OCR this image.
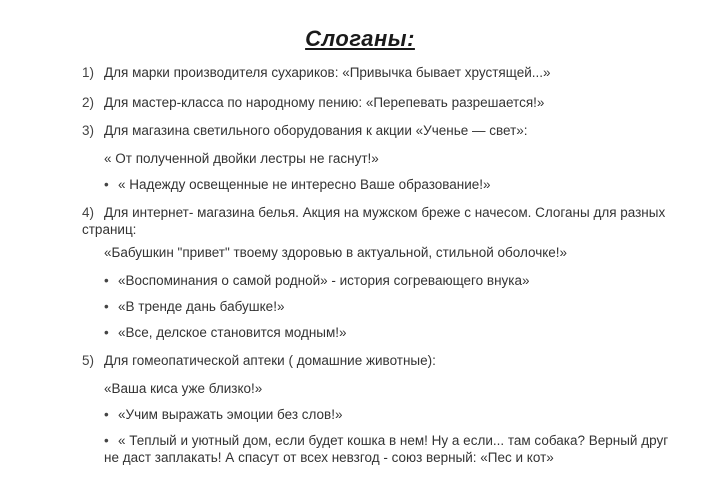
Слоганы:
1) Для марки производителя сухариков: «Привычка бывает хрустящей...»
2) Для мастер-класса по народному пению: «Перепевать разрешается!»
3) Для магазина светильного оборудования к акции «Ученье — свет»:
« От полученной двойки лестры не гаснут!»
• « Надежду освещенные не интересно Ваше образование!»
4) Для интернет- магазина белья. Акция на мужском бреже с начесом. Слоганы для разных страниц:
«Бабушкин "привет" твоему здоровью в актуальной, стильной оболочке!»
• «Воспоминания о самой родной» - история согревающего внука»
• «В тренде дань бабушке!»
• «Все, делское становится модным!»
5) Для гомеопатической аптеки ( домашние животные):
«Ваша киса уже близко!»
• «Учим выражать эмоции без слов!»
• « Теплый и уютный дом, если будет кошка в нем! Ну а если... там собака? Верный друг не даст заплакать! А спасут от всех невзгод - союз верный: «Пес и кот»
